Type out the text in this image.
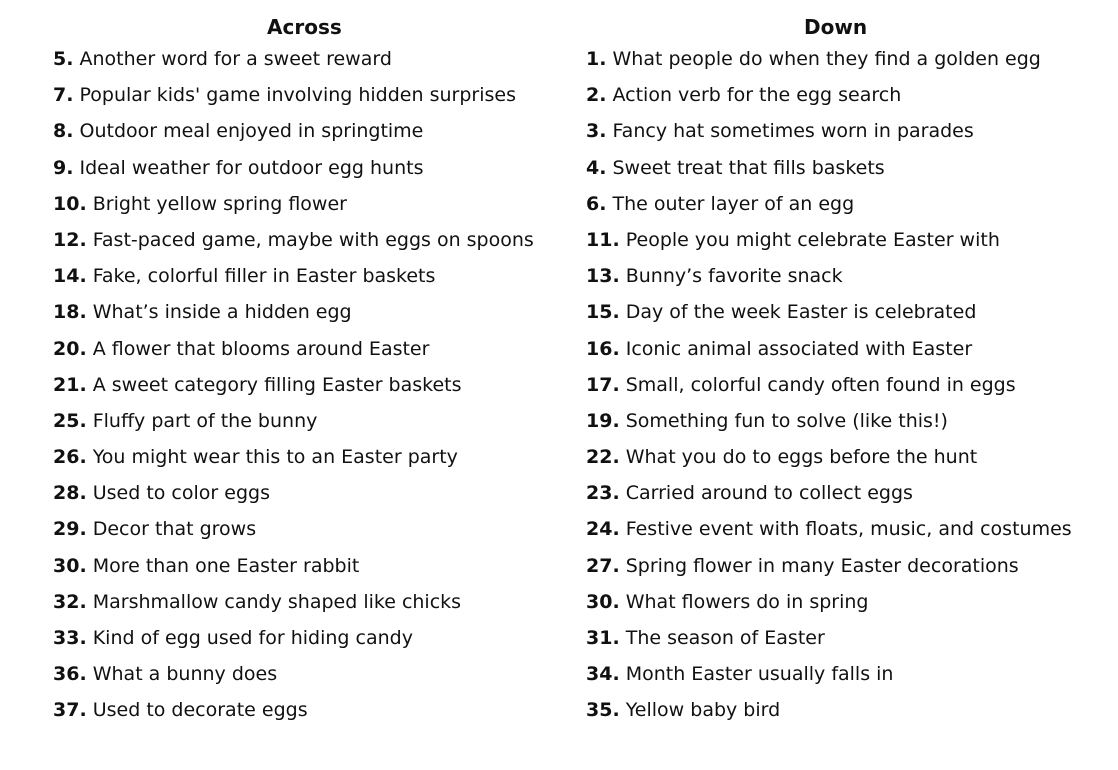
Across
5. Another word for a sweet reward
7. Popular kids' game involving hidden surprises
8. Outdoor meal enjoyed in springtime
9. Ideal weather for outdoor egg hunts
10. Bright yellow spring flower
12. Fast-paced game, maybe with eggs on spoons
14. Fake, colorful filler in Easter baskets
18. What’s inside a hidden egg
20. A flower that blooms around Easter
21. A sweet category filling Easter baskets
25. Fluffy part of the bunny
26. You might wear this to an Easter party
28. Used to color eggs
29. Decor that grows
30. More than one Easter rabbit
32. Marshmallow candy shaped like chicks
33. Kind of egg used for hiding candy
36. What a bunny does
37. Used to decorate eggs
Down
1. What people do when they find a golden egg
2. Action verb for the egg search
3. Fancy hat sometimes worn in parades
4. Sweet treat that fills baskets
6. The outer layer of an egg
11. People you might celebrate Easter with
13. Bunny’s favorite snack
15. Day of the week Easter is celebrated
16. Iconic animal associated with Easter
17. Small, colorful candy often found in eggs
19. Something fun to solve (like this!)
22. What you do to eggs before the hunt
23. Carried around to collect eggs
24. Festive event with floats, music, and costumes
27. Spring flower in many Easter decorations
30. What flowers do in spring
31. The season of Easter
34. Month Easter usually falls in
35. Yellow baby bird
